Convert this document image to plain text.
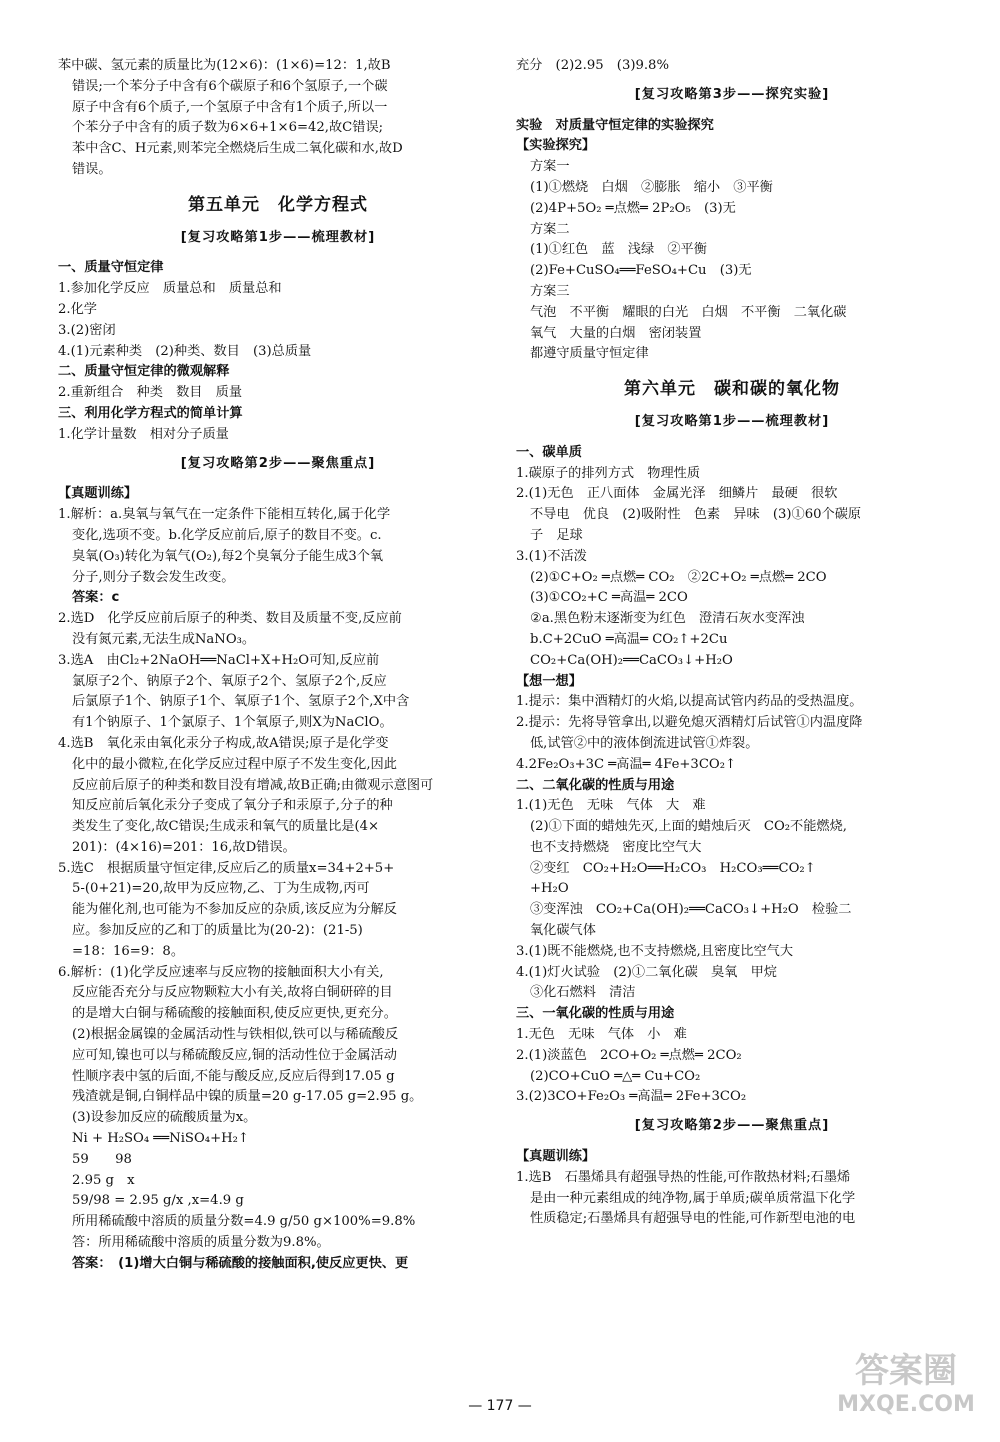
苯中碳、氢元素的质量比为(12×6)：(1×6)=12：1,故B

错误;一个苯分子中含有6个碳原子和6个氢原子,一个碳

原子中含有6个质子,一个氢原子中含有1个质子,所以一

个苯分子中含有的质子数为6×6+1×6=42,故C错误;

苯中含C、H元素,则苯完全燃烧后生成二氧化碳和水,故D

错误。

第五单元　化学方程式
[复习攻略第1步——梳理教材]

一、质量守恒定律

1.参加化学反应　质量总和　质量总和

2.化学

3.(2)密闭

4.(1)元素种类　(2)种类、数目　(3)总质量

二、质量守恒定律的微观解释

2.重新组合　种类　数目　质量

三、利用化学方程式的简单计算

1.化学计量数　相对分子质量

[复习攻略第2步——聚焦重点]

【真题训练】

1.解析：a.臭氧与氧气在一定条件下能相互转化,属于化学

变化,选项不变。b.化学反应前后,原子的数目不变。c.

臭氧(O₃)转化为氧气(O₂),每2个臭氧分子能生成3个氧

分子,则分子数会发生改变。

答案：c

2.选D　化学反应前后原子的种类、数目及质量不变,反应前

没有氮元素,无法生成NaNO₃。

3.选A　由Cl₂+2NaOH══NaCl+X+H₂O可知,反应前

氯原子2个、钠原子2个、氧原子2个、氢原子2个,反应

后氯原子1个、钠原子1个、氧原子1个、氢原子2个,X中含

有1个钠原子、1个氯原子、1个氧原子,则X为NaClO。

4.选B　氧化汞由氧化汞分子构成,故A错误;原子是化学变

化中的最小微粒,在化学反应过程中原子不发生变化,因此

反应前后原子的种类和数目没有增减,故B正确;由微观示意图可

知反应前后氧化汞分子变成了氧分子和汞原子,分子的种

类发生了变化,故C错误;生成汞和氧气的质量比是(4×

201)：(4×16)=201：16,故D错误。

5.选C　根据质量守恒定律,反应后乙的质量x=34+2+5+

5-(0+21)=20,故甲为反应物,乙、丁为生成物,丙可

能为催化剂,也可能为不参加反应的杂质,该反应为分解反

应。参加反应的乙和丁的质量比为(20-2)：(21-5)

=18：16=9：8。

6.解析：(1)化学反应速率与反应物的接触面积大小有关,

反应能否充分与反应物颗粒大小有关,故将白铜研碎的目

的是增大白铜与稀硫酸的接触面积,使反应更快,更充分。

(2)根据金属镍的金属活动性与铁相似,铁可以与稀硫酸反

应可知,镍也可以与稀硫酸反应,铜的活动性位于金属活动

性顺序表中氢的后面,不能与酸反应,反应后得到17.05 g

残渣就是铜,白铜样品中镍的质量=20 g-17.05 g=2.95 g。

(3)设参加反应的硫酸质量为x。

Ni + H₂SO₄ ══NiSO₄+H₂↑

59　　98

2.95 g　x

59/98 = 2.95 g/x ,x=4.9 g

所用稀硫酸中溶质的质量分数=4.9 g/50 g×100%=9.8%

答：所用稀硫酸中溶质的质量分数为9.8%。

答案：　(1)增大白铜与稀硫酸的接触面积,使反应更快、更

充分　(2)2.95　(3)9.8%

[复习攻略第3步——探究实验]

实验　对质量守恒定律的实验探究

【实验探究】

方案一

(1)①燃烧　白烟　②膨胀　缩小　③平衡

(2)4P+5O₂ ═点燃═ 2P₂O₅　(3)无

方案二

(1)①红色　蓝　浅绿　②平衡

(2)Fe+CuSO₄══FeSO₄+Cu　(3)无

方案三

气泡　不平衡　耀眼的白光　白烟　不平衡　二氧化碳

氧气　大量的白烟　密闭装置

都遵守质量守恒定律

第六单元　碳和碳的氧化物
[复习攻略第1步——梳理教材]

一、碳单质

1.碳原子的排列方式　物理性质

2.(1)无色　正八面体　金属光泽　细鳞片　最硬　很软

不导电　优良　(2)吸附性　色素　异味　(3)①60个碳原

子　足球

3.(1)不活泼

(2)①C+O₂ ═点燃═ CO₂　②2C+O₂ ═点燃═ 2CO

(3)①CO₂+C ═高温═ 2CO

②a.黑色粉末逐渐变为红色　澄清石灰水变浑浊

b.C+2CuO ═高温═ CO₂↑+2Cu

CO₂+Ca(OH)₂══CaCO₃↓+H₂O

【想一想】

1.提示：集中酒精灯的火焰,以提高试管内药品的受热温度。

2.提示：先将导管拿出,以避免熄灭酒精灯后试管①内温度降

低,试管②中的液体倒流进试管①炸裂。

4.2Fe₂O₃+3C ═高温═ 4Fe+3CO₂↑

二、二氧化碳的性质与用途

1.(1)无色　无味　气体　大　难

(2)①下面的蜡烛先灭,上面的蜡烛后灭　CO₂不能燃烧,

也不支持燃烧　密度比空气大

②变红　CO₂+H₂O══H₂CO₃　H₂CO₃══CO₂↑

+H₂O

③变浑浊　CO₂+Ca(OH)₂══CaCO₃↓+H₂O　检验二

氧化碳气体

3.(1)既不能燃烧,也不支持燃烧,且密度比空气大

4.(1)灯火试验　(2)①二氧化碳　臭氧　甲烷

③化石燃料　清洁

三、一氧化碳的性质与用途

1.无色　无味　气体　小　难

2.(1)淡蓝色　2CO+O₂ ═点燃═ 2CO₂

(2)CO+CuO ═△═ Cu+CO₂

3.(2)3CO+Fe₂O₃ ═高温═ 2Fe+3CO₂

[复习攻略第2步——聚焦重点]

【真题训练】

1.选B　石墨烯具有超强导热的性能,可作散热材料;石墨烯

是由一种元素组成的纯净物,属于单质;碳单质常温下化学

性质稳定;石墨烯具有超强导电的性能,可作新型电池的电

— 177 —
答案圈
MXQE.COM
